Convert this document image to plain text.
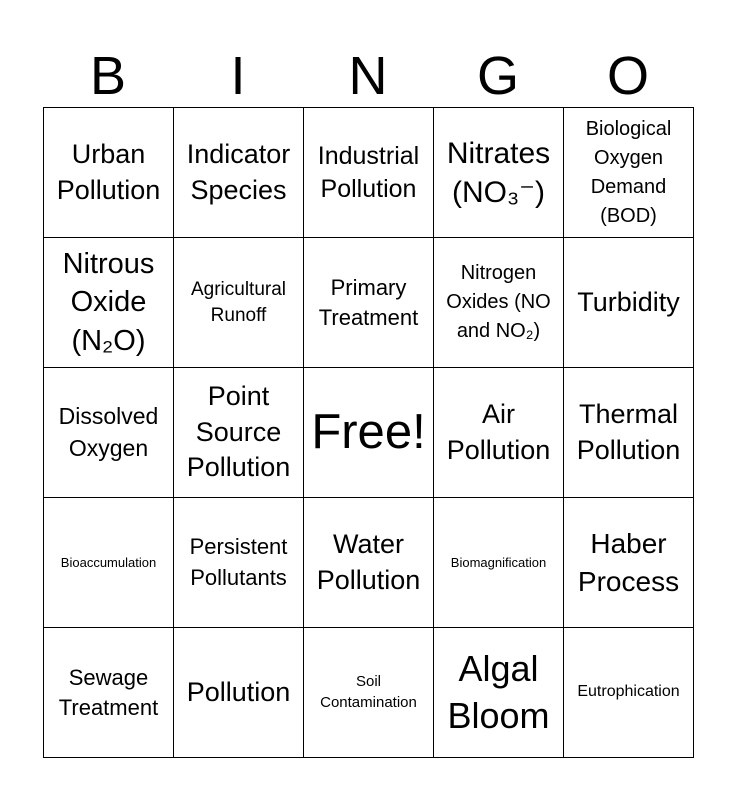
B	I	N	G	O
Urban Pollution	Indicator Species	Industrial Pollution	Nitrates (NO₃⁻)	Biological Oxygen Demand (BOD)
Nitrous Oxide (N₂O)	Agricultural Runoff	Primary Treatment	Nitrogen Oxides (NO and NO₂)	Turbidity
Dissolved Oxygen	Point Source Pollution	Free!	Air Pollution	Thermal Pollution
Bioaccumulation	Persistent Pollutants	Water Pollution	Biomagnification	Haber Process
Sewage Treatment	Pollution	Soil Contamination	Algal Bloom	Eutrophication
